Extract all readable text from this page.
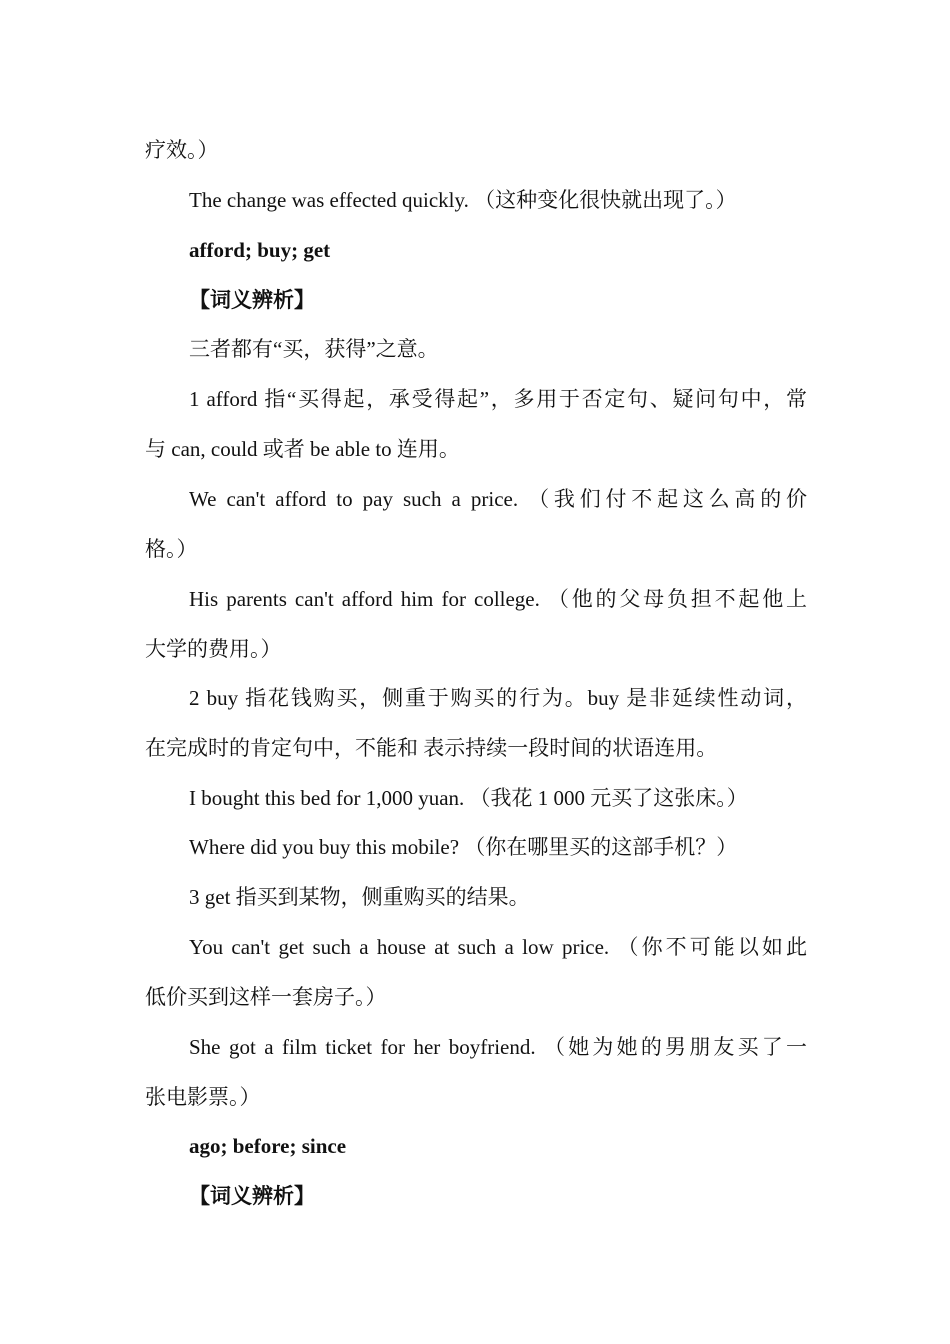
疗效。）
The change was effected quickly. （这种变化很快就出现了。）
afford; buy; get
【词义辨析】
三者都有“买，获得”之意。
1 afford 指“买得起，承受得起”，多用于否定句、疑问句中，常
与 can, could 或者 be able to 连用。
We can't afford to pay such a price. （我们付不起这么高的价
格。）
His parents can't afford him for college. （他的父母负担不起他上
大学的费用。）
2 buy 指花钱购买，侧重于购买的行为。buy 是非延续性动词，
在完成时的肯定句中，不能和 表示持续一段时间的状语连用。
I bought this bed for 1,000 yuan. （我花 1 000 元买了这张床。）
Where did you buy this mobile? （你在哪里买的这部手机？）
3 get 指买到某物，侧重购买的结果。
You can't get such a house at such a low price. （你不可能以如此
低价买到这样一套房子。）
She got a film ticket for her boyfriend. （她为她的男朋友买了一
张电影票。）
ago; before; since
【词义辨析】
